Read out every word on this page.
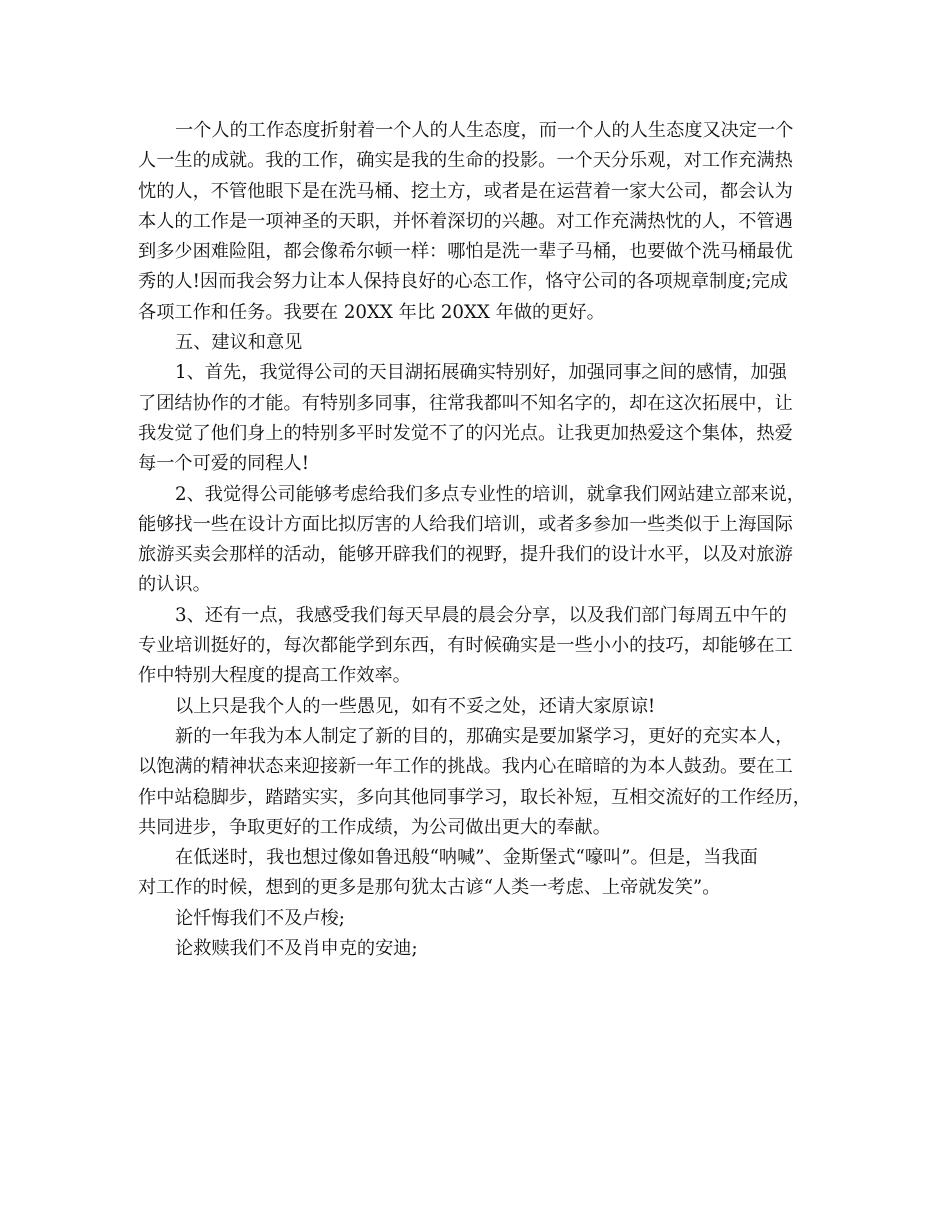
一个人的工作态度折射着一个人的人生态度，而一个人的人生态度又决定一个
人一生的成就。我的工作，确实是我的生命的投影。一个天分乐观，对工作充满热
忱的人，不管他眼下是在洗马桶、挖土方，或者是在运营着一家大公司，都会认为
本人的工作是一项神圣的天职，并怀着深切的兴趣。对工作充满热忱的人，不管遇
到多少困难险阻，都会像希尔顿一样：哪怕是洗一辈子马桶，也要做个洗马桶最优
秀的人!因而我会努力让本人保持良好的心态工作，恪守公司的各项规章制度;完成
各项工作和任务。我要在 20XX 年比 20XX 年做的更好。
五、建议和意见
1、首先，我觉得公司的天目湖拓展确实特别好，加强同事之间的感情，加强
了团结协作的才能。有特别多同事，往常我都叫不知名字的，却在这次拓展中，让
我发觉了他们身上的特别多平时发觉不了的闪光点。让我更加热爱这个集体，热爱
每一个可爱的同程人!
2、我觉得公司能够考虑给我们多点专业性的培训，就拿我们网站建立部来说，
能够找一些在设计方面比拟厉害的人给我们培训，或者多参加一些类似于上海国际
旅游买卖会那样的活动，能够开辟我们的视野，提升我们的设计水平，以及对旅游
的认识。
3、还有一点，我感受我们每天早晨的晨会分享，以及我们部门每周五中午的
专业培训挺好的，每次都能学到东西，有时候确实是一些小小的技巧，却能够在工
作中特别大程度的提高工作效率。
以上只是我个人的一些愚见，如有不妥之处，还请大家原谅!
新的一年我为本人制定了新的目的，那确实是要加紧学习，更好的充实本人，
以饱满的精神状态来迎接新一年工作的挑战。我内心在暗暗的为本人鼓劲。要在工
作中站稳脚步，踏踏实实，多向其他同事学习，取长补短，互相交流好的工作经历，
共同进步，争取更好的工作成绩，为公司做出更大的奉献。
在低迷时，我也想过像如鲁迅般“呐喊”、金斯堡式“嚎叫”。但是，当我面
对工作的时候，想到的更多是那句犹太古谚“人类一考虑、上帝就发笑”。
论忏悔我们不及卢梭;
论救赎我们不及肖申克的安迪;
